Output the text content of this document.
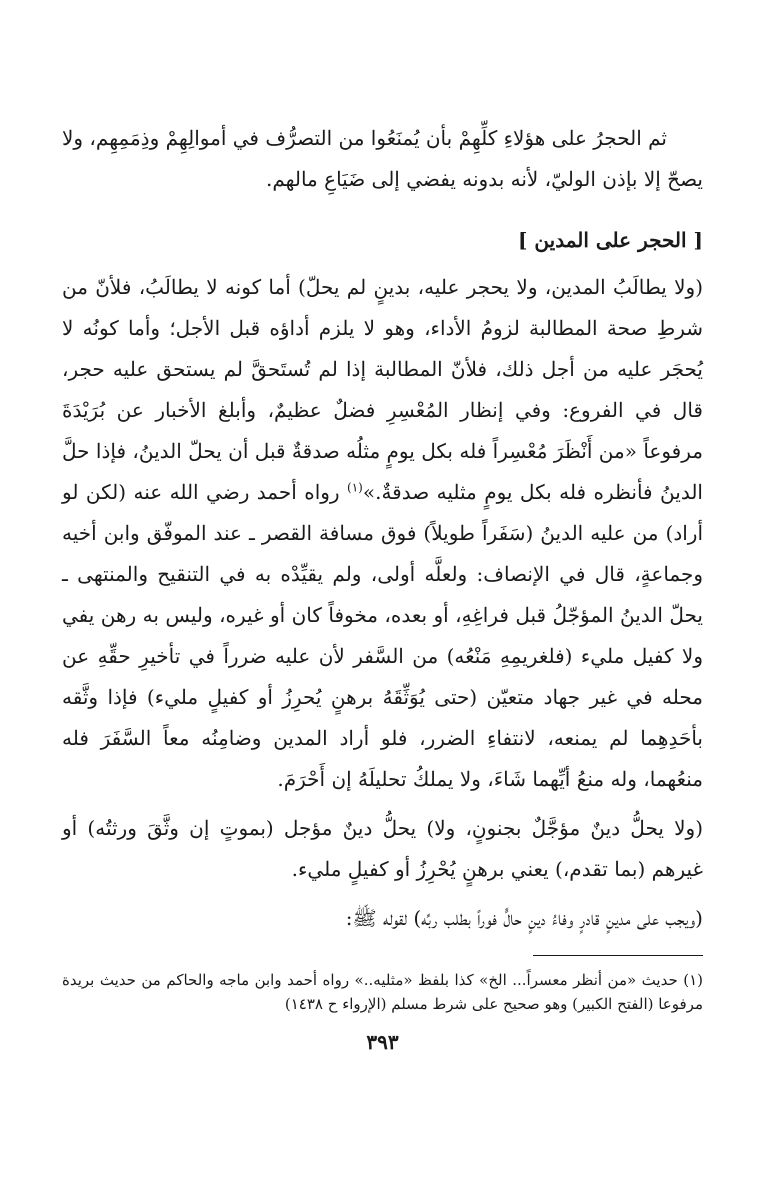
ثم الحجرُ على هؤلاءِ كلِّهِمْ بأن يُمنَعُوا من التصرُّف في أموالِهِمْ وذِمَمِهِم، ولا يصحّ إلا بإذن الوليّ، لأنه بدونه يفضي إلى ضَيَاعِ مالهم.

[ الحجر على المدين ]

(ولا يطالَبُ المدين، ولا يحجر عليه، بدينٍ لم يحلّ) أما كونه لا يطالَبُ، فلأنّ من شرطِ صحة المطالبة لزومُ الأداء، وهو لا يلزم أداؤه قبل الأجل؛ وأما كونُه لا يُحجَر عليه من أجل ذلك، فلأنّ المطالبة إذا لم تُستَحقَّ لم يستحق عليه حجر، قال في الفروع: وفي إنظار المُعْسِرِ فضلٌ عظيمٌ، وأبلغ الأخبار عن بُرَيْدَةَ مرفوعاً «من أَنْظَرَ مُعْسِراً فله بكل يومٍ مثلُه صدقةٌ قبل أن يحلّ الدينُ، فإذا حلَّ الدينُ فأنظره فله بكل يومٍ مثليه صدقةٌ.»$^{(١)}$ رواه أحمد رضي الله عنه (لكن لو أراد) من عليه الدينُ (سَفَراً طويلاً) فوق مسافة القصر ـ عند الموفّق وابن أخيه وجماعةٍ، قال في الإنصاف: ولعلَّه أولى، ولم يقيِّدْه به في التنقيح والمنتهى ـ يحلّ الدينُ المؤجّلُ قبل فراغِهِ، أو بعده، مخوفاً كان أو غيره، وليس به رهن يفي ولا كفيل مليء (فلغريمِهِ مَنْعُه) من السَّفر لأن عليه ضرراً في تأخيرِ حقِّهِ عن محله في غير جهاد متعيّن (حتى يُوَثِّقَهُ برهنٍ يُحرِزُ أو كفيلٍ مليء) فإذا وثَّقه بأحَدِهِما لم يمنعه، لانتفاءِ الضرر، فلو أراد المدين وضامِنُه معاً السَّفَرَ فله منعُهما، وله منعُ أيِّهما شَاءَ، ولا يملكُ تحليلَهُ إن أَحْرَمَ.

(ولا يحلُّ دينٌ مؤجَّلٌ بجنونٍ، ولا) يحلُّ دينٌ مؤجل (بموتٍ إن وثَّقَ ورثتُه) أو غيرهم (بما تقدم،) يعني برهنٍ يُحْرِزُ أو كفيلٍ مليء.

(ويجب على مدينٍ قادرٍ وفاءُ دينٍ حالٍّ فوراً بطلب ربِّه) لقوله ﷺ:

(١) حديث «من أنظر معسراً... الخ» كذا بلفظ «مثليه..» رواه أحمد وابن ماجه والحاكم من حديث بريدة مرفوعا (الفتح الكبير) وهو صحيح على شرط مسلم (الإرواء ح ١٤٣٨)

٣٩٣
